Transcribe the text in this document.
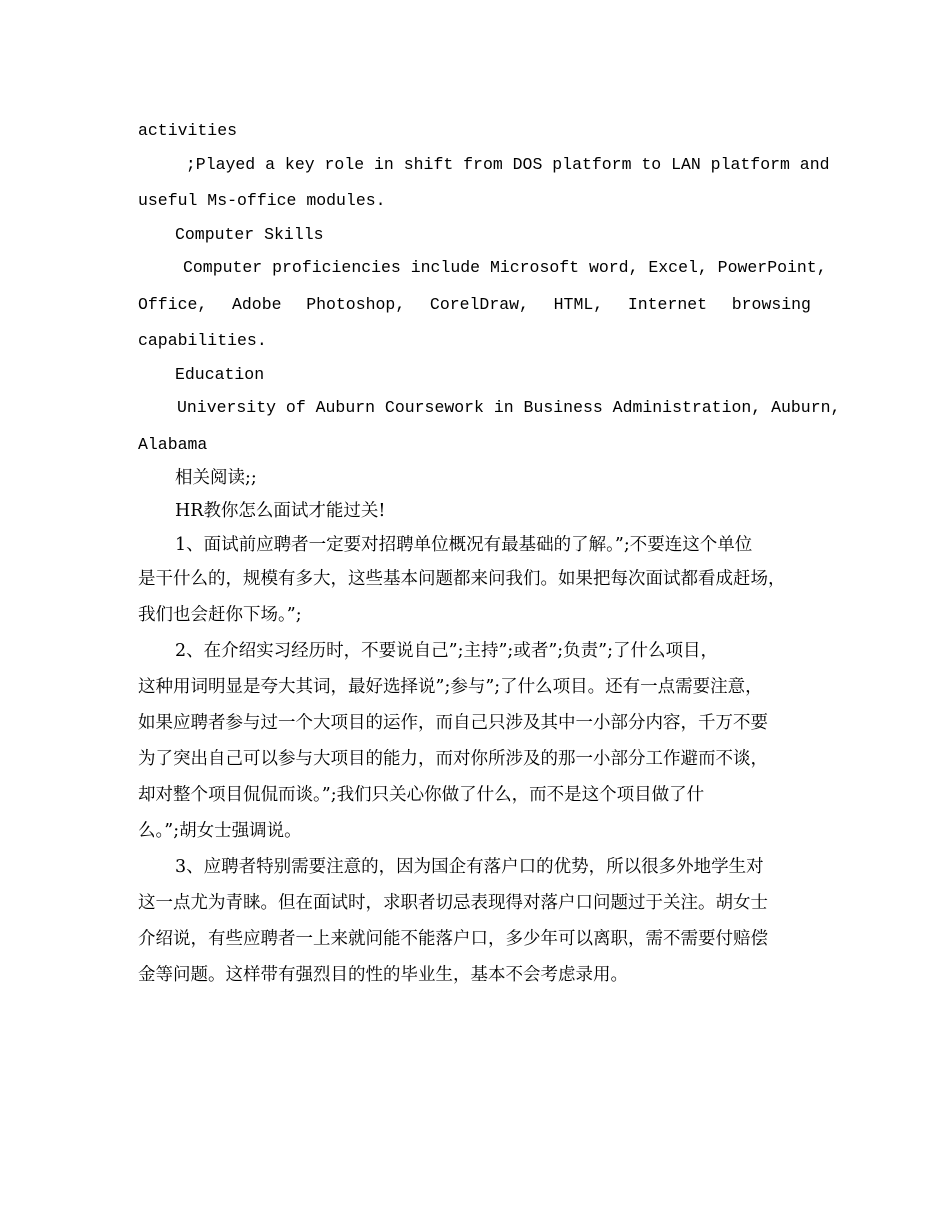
activities
;Played a key role in shift from DOS platform to LAN platform and
useful Ms-office modules.
Computer Skills
Computer proficiencies include Microsoft word, Excel, PowerPoint,
Office, Adobe Photoshop, CorelDraw, HTML, Internet browsing
capabilities.
Education
University of Auburn Coursework in Business Administration, Auburn,
Alabama
相关阅读;;
HR教你怎么面试才能过关!
1、面试前应聘者一定要对招聘单位概况有最基础的了解。”;不要连这个单位
是干什么的，规模有多大，这些基本问题都来问我们。如果把每次面试都看成赶场，
我们也会赶你下场。”;
2、在介绍实习经历时，不要说自己”;主持”;或者”;负责”;了什么项目，
这种用词明显是夸大其词，最好选择说”;参与”;了什么项目。还有一点需要注意，
如果应聘者参与过一个大项目的运作，而自己只涉及其中一小部分内容，千万不要
为了突出自己可以参与大项目的能力，而对你所涉及的那一小部分工作避而不谈，
却对整个项目侃侃而谈。”;我们只关心你做了什么，而不是这个项目做了什
么。”;胡女士强调说。
3、应聘者特别需要注意的，因为国企有落户口的优势，所以很多外地学生对
这一点尤为青睐。但在面试时，求职者切忌表现得对落户口问题过于关注。胡女士
介绍说，有些应聘者一上来就问能不能落户口，多少年可以离职，需不需要付赔偿
金等问题。这样带有强烈目的性的毕业生，基本不会考虑录用。
